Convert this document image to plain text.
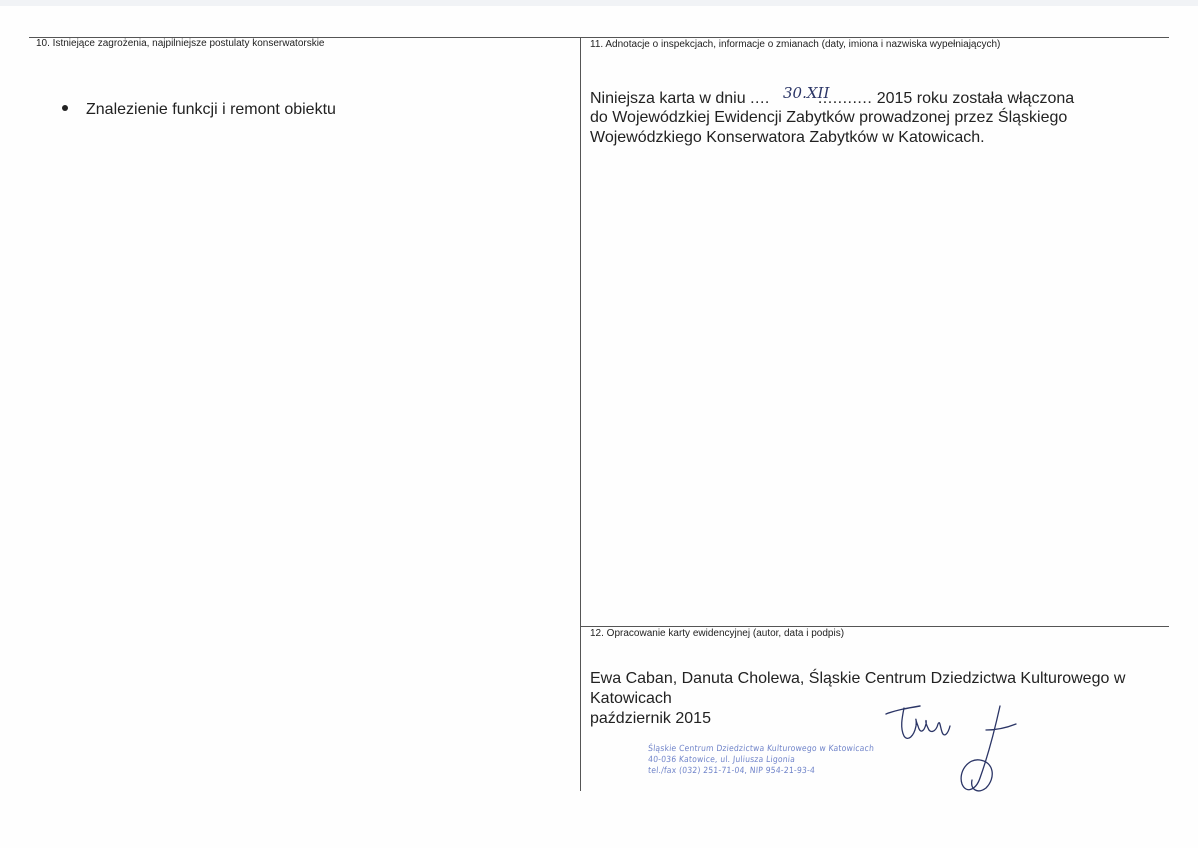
10. Istniejące zagrożenia, najpilniejsze postulaty konserwatorskie
Znalezienie funkcji i remont obiektu
11. Adnotacje o inspekcjach, informacje o zmianach (daty, imiona i nazwiska wypełniających)
Niniejsza karta w dniu ....	........... 2015 roku została włączona
30.XII
do Wojewódzkiej Ewidencji Zabytków prowadzonej przez Śląskiego
Wojewódzkiego Konserwatora Zabytków w Katowicach.
12. Opracowanie karty ewidencyjnej (autor, data i podpis)
Ewa Caban, Danuta Cholewa, Śląskie Centrum Dziedzictwa Kulturowego w
Katowicach
październik 2015
Śląskie Centrum Dziedzictwa Kulturowego w Katowicach
40-036 Katowice, ul. Juliusza Ligonia
tel./fax (032) 251-71-04, NIP 954-21-93-4
